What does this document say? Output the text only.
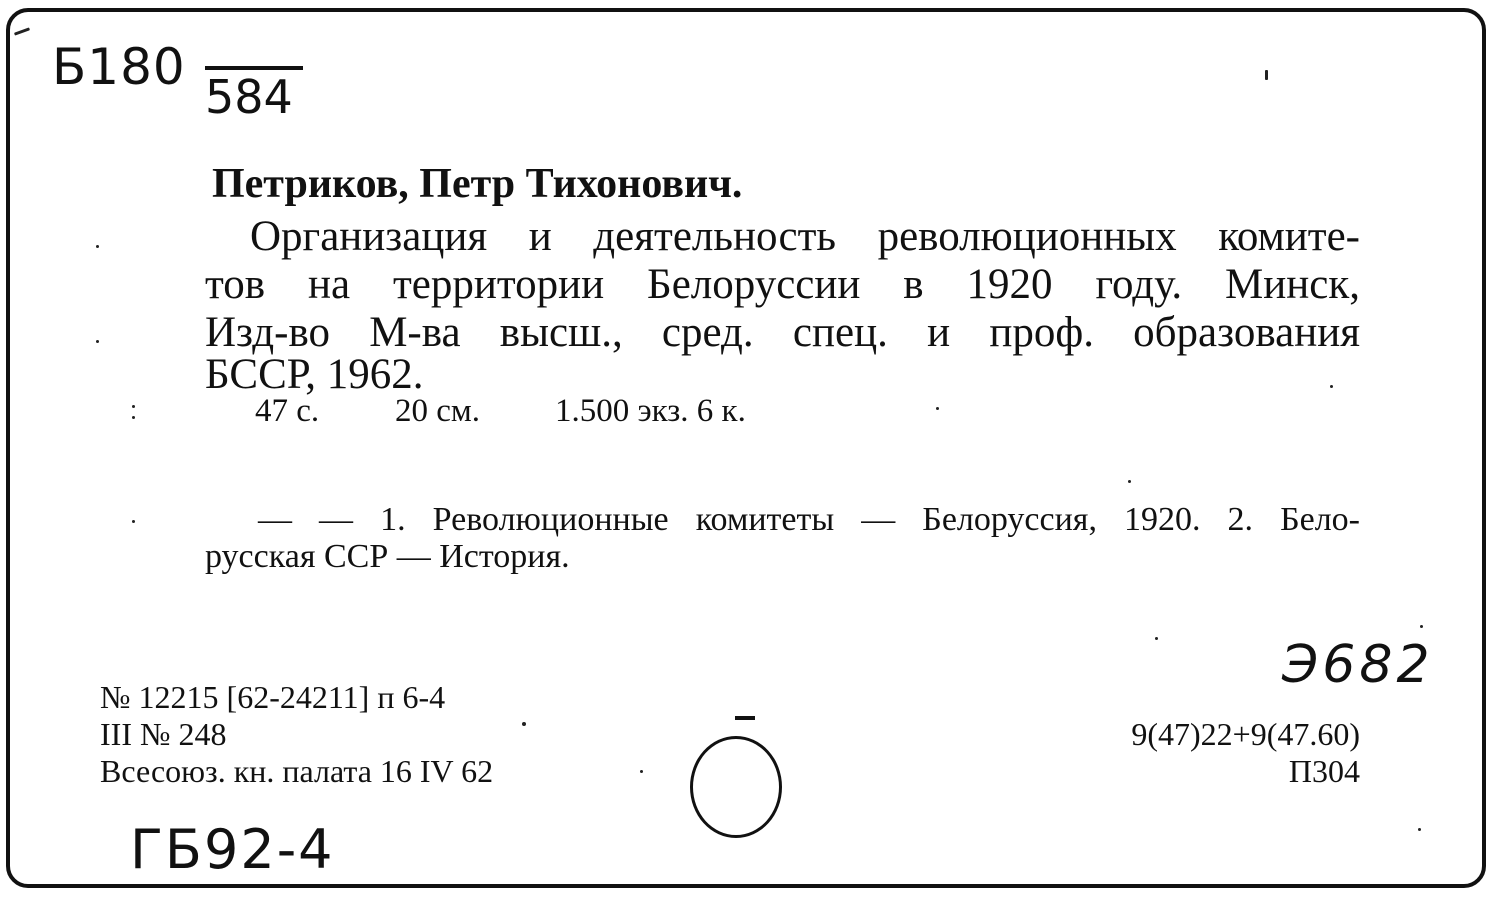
Б180
584
Петриков, Петр Тихонович.
Организация и деятельность революционных комите-
тов на территории Белоруссии в 1920 году. Минск,
Изд-во М-ва высш., сред. спец. и проф. образования
БССР, 1962.
47 с. 20 см. 1.500 экз. 6 к.
— — 1. Революционные комитеты — Белоруссия, 1920. 2. Бело-
русская ССР — История.
№ 12215 [62-24211] п 6-4
III № 248
Всесоюз. кн. палата 16 IV 62
9(47)22+9(47.60)
П304
Э682
ГБ92-4
